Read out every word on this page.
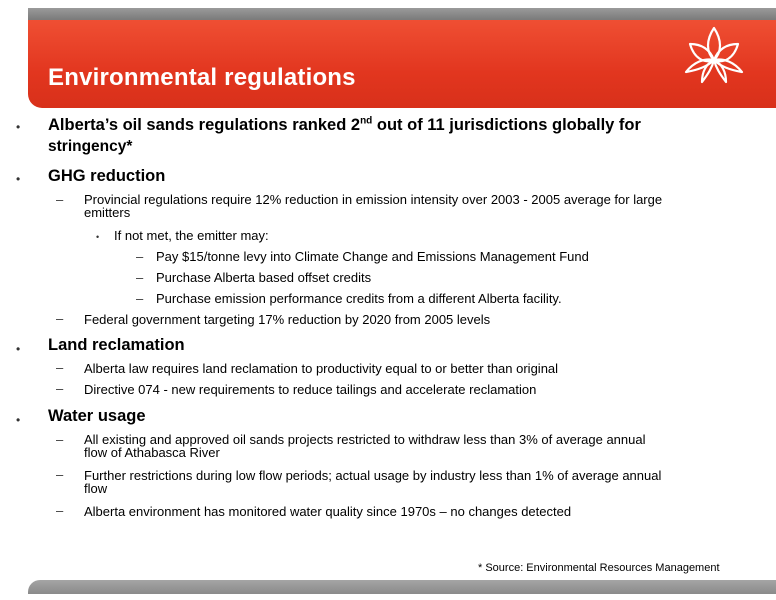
Environmental regulations
• Alberta’s oil sands regulations ranked 2nd out of 11 jurisdictions globally for
stringency*
• GHG reduction
– Provincial regulations require 12% reduction in emission intensity over 2003 - 2005 average for large
emitters
• If not met, the emitter may:
– Pay $15/tonne levy into Climate Change and Emissions Management Fund
– Purchase Alberta based offset credits
– Purchase emission performance credits from a different Alberta facility.
– Federal government targeting 17% reduction by 2020 from 2005 levels
• Land reclamation
– Alberta law requires land reclamation to productivity equal to or better than original
– Directive 074 - new requirements to reduce tailings and accelerate reclamation
• Water usage
– All existing and approved oil sands projects restricted to withdraw less than 3% of average annual
flow of Athabasca River
– Further restrictions during low flow periods; actual usage by industry less than 1% of average annual
flow
– Alberta environment has monitored water quality since 1970s – no changes detected
* Source: Environmental Resources Management
